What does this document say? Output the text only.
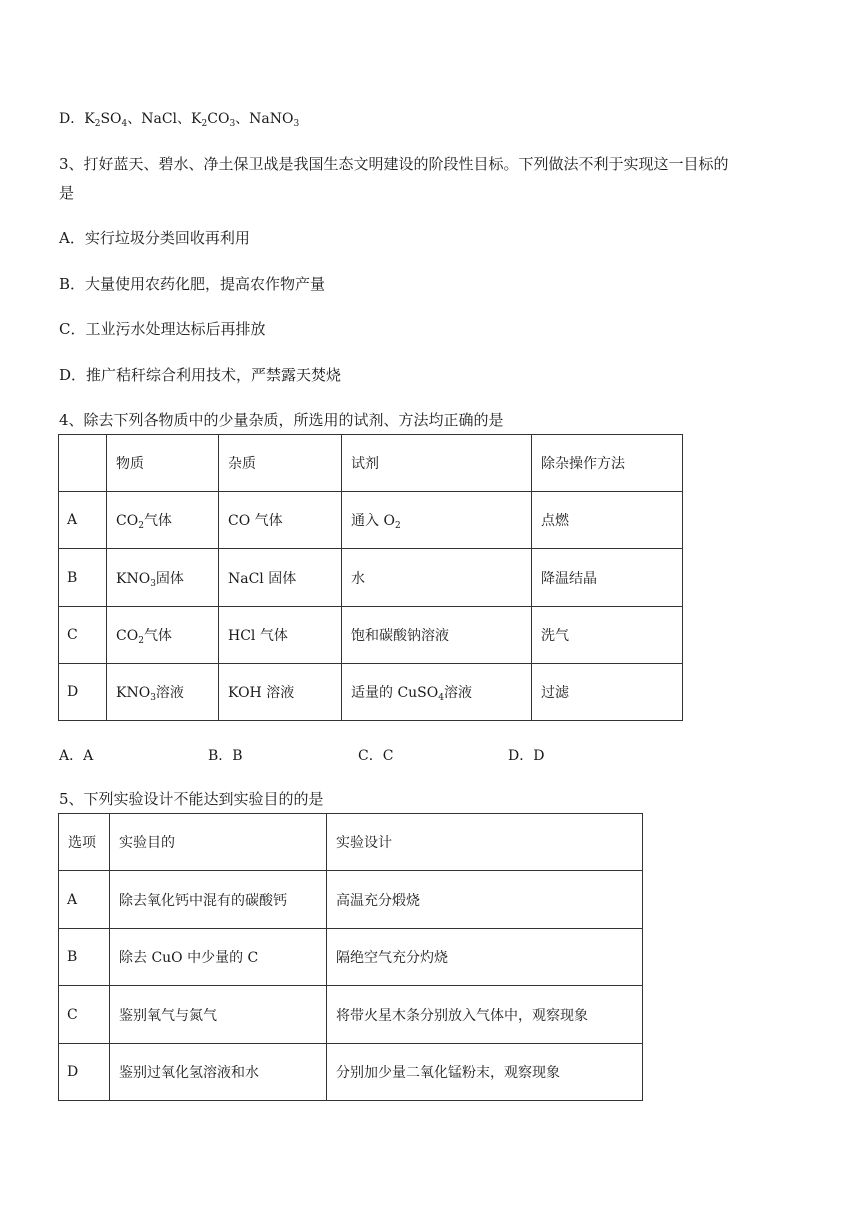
D．$K_2SO_4$、NaCl、$K_2CO_3$、NaNO$_3$
3、打好蓝天、碧水、净土保卫战是我国生态文明建设的阶段性目标。下列做法不利于实现这一目标的
是
A．实行垃圾分类回收再利用
B．大量使用农药化肥，提高农作物产量
C．工业污水处理达标后再排放
D．推广秸秆综合利用技术，严禁露天焚烧
4、除去下列各物质中的少量杂质，所选用的试剂、方法均正确的是
	物质	杂质	试剂	除杂操作方法
A	$CO_2$气体	CO 气体	通入 $O_2$	点燃
B	$KNO_3$固体	NaCl 固体	水	降温结晶
C	$CO_2$气体	HCl 气体	饱和碳酸钠溶液	洗气
D	$KNO_3$溶液	KOH 溶液	适量的 CuSO$_4$溶液	过滤
A．A	B．B	C．C	D．D
5、下列实验设计不能达到实验目的的是
选项	实验目的	实验设计
A	除去氧化钙中混有的碳酸钙	高温充分煅烧
B	除去 CuO 中少量的 C	隔绝空气充分灼烧
C	鉴别氧气与氮气	将带火星木条分别放入气体中，观察现象
D	鉴别过氧化氢溶液和水	分别加少量二氧化锰粉末，观察现象
